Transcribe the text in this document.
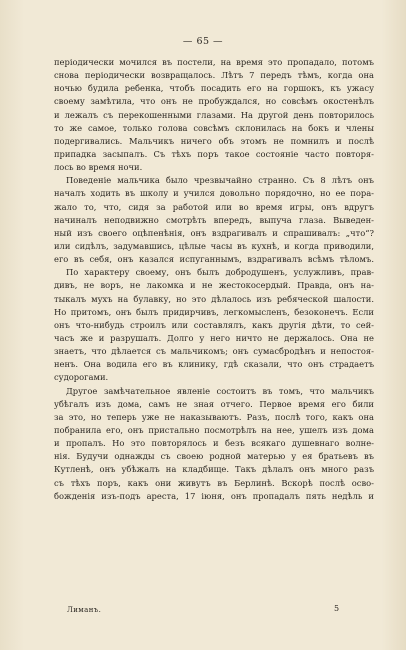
— 65 —
періодически мочился въ постели, на время это пропадало, потомъ
снова періодически возвращалось. Лѣтъ 7 передъ тѣмъ, когда она
ночью будила ребенка, чтобъ посадить его на горшокъ, къ ужасу
своему замѣтила, что онъ не пробуждался, но совсѣмъ окостенѣлъ
и лежалъ съ перекошенными глазами. На другой день повторилось
то же самое, только голова совсѣмъ склонилась на бокъ и члены
подергивались. Мальчикъ ничего объ этомъ не помнилъ и послѣ
припадка засыпалъ. Съ тѣхъ поръ такое состояніе часто повторя-
лось во время ночи.
Поведеніе мальчика было чрезвычайно странно. Съ 8 лѣтъ онъ
началъ ходить въ школу и учился довольно порядочно, но ее пора-
жало то, что, сидя за работой или во время игры, онъ вдругъ
начиналъ неподвижно смотрѣть впередъ, выпуча глаза. Выведен-
ный изъ своего оцѣпенѣнія, онъ вздрагивалъ и спрашивалъ: „что“?
или сидѣлъ, задумавшись, цѣлые часы въ кухнѣ, и когда приводили,
его въ себя, онъ казался испуганнымъ, вздрагивалъ всѣмъ тѣломъ.
По характеру своему, онъ былъ добродушенъ, услужливъ, прав-
дивъ, не воръ, не лакомка и не жестокосердый. Правда, онъ на-
тыкалъ мухъ на булавку, но это дѣлалось изъ ребяческой шалости.
Но притомъ, онъ былъ придирчивъ, легкомысленъ, безоконечъ. Если
онъ что-нибудь строилъ или составлялъ, какъ другія дѣти, то сей-
часъ же и разрушалъ. Долго у него ничто не держалось. Она не
знаетъ, что дѣлается съ мальчикомъ; онъ сумасбродѣнъ и непостоя-
ненъ. Она водила его въ клинику, гдѣ сказали, что онъ страдаетъ
судорогами.
Другое замѣчательное явленіе состоитъ въ томъ, что мальчикъ
убѣгалъ изъ дома, самъ не зная отчего. Первое время его били
за это, но теперь уже не наказываютъ. Разъ, послѣ того, какъ она
побранила его, онъ пристально посмотрѣлъ на нее, ушелъ изъ дома
и пропалъ. Но это повторялось и безъ всякаго душевнаго волне-
нія. Будучи однажды съ своею родной матерью у ея братьевъ въ
Кутленѣ, онъ убѣжалъ на кладбище. Такъ дѣлалъ онъ много разъ
съ тѣхъ поръ, какъ они живутъ въ Берлинѣ. Вскорѣ послѣ осво-
божденія изъ-подъ ареста, 17 іюня, онъ пропадалъ пять недѣль и
Лиманъ.	5
